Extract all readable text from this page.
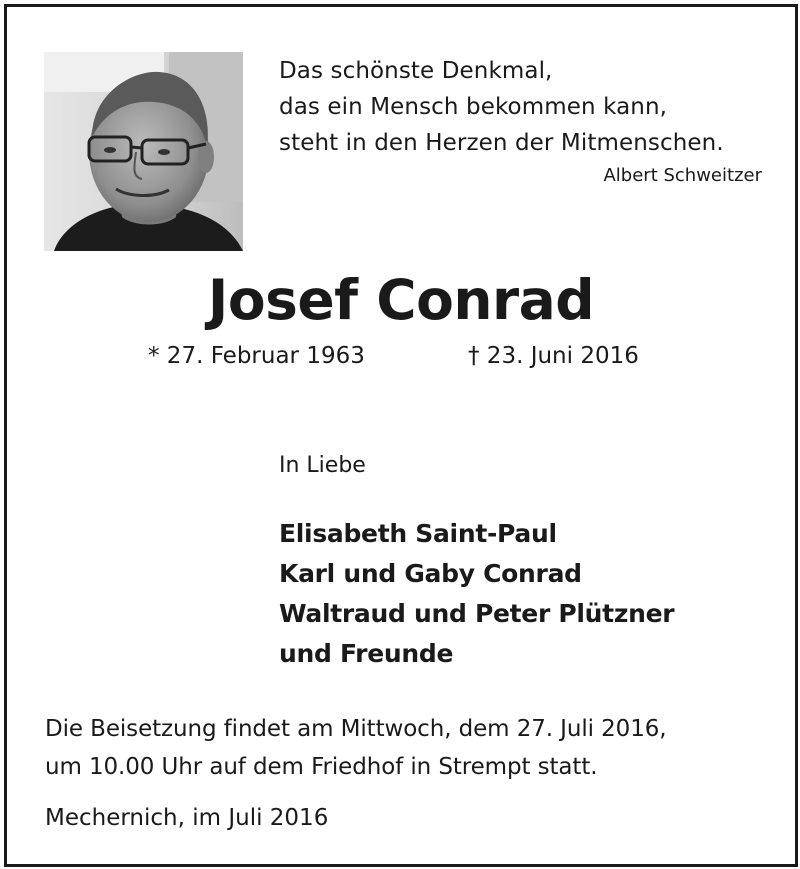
Das schönste Denkmal,
das ein Mensch bekommen kann,
steht in den Herzen der Mitmenschen.
Albert Schweitzer
Josef Conrad
* 27. Februar 1963	† 23. Juni 2016
In Liebe
Elisabeth Saint-Paul
Karl und Gaby Conrad
Waltraud und Peter Plützner
und Freunde
Die Beisetzung findet am Mittwoch, dem 27. Juli 2016,
um 10.00 Uhr auf dem Friedhof in Strempt statt.
Mechernich, im Juli 2016
